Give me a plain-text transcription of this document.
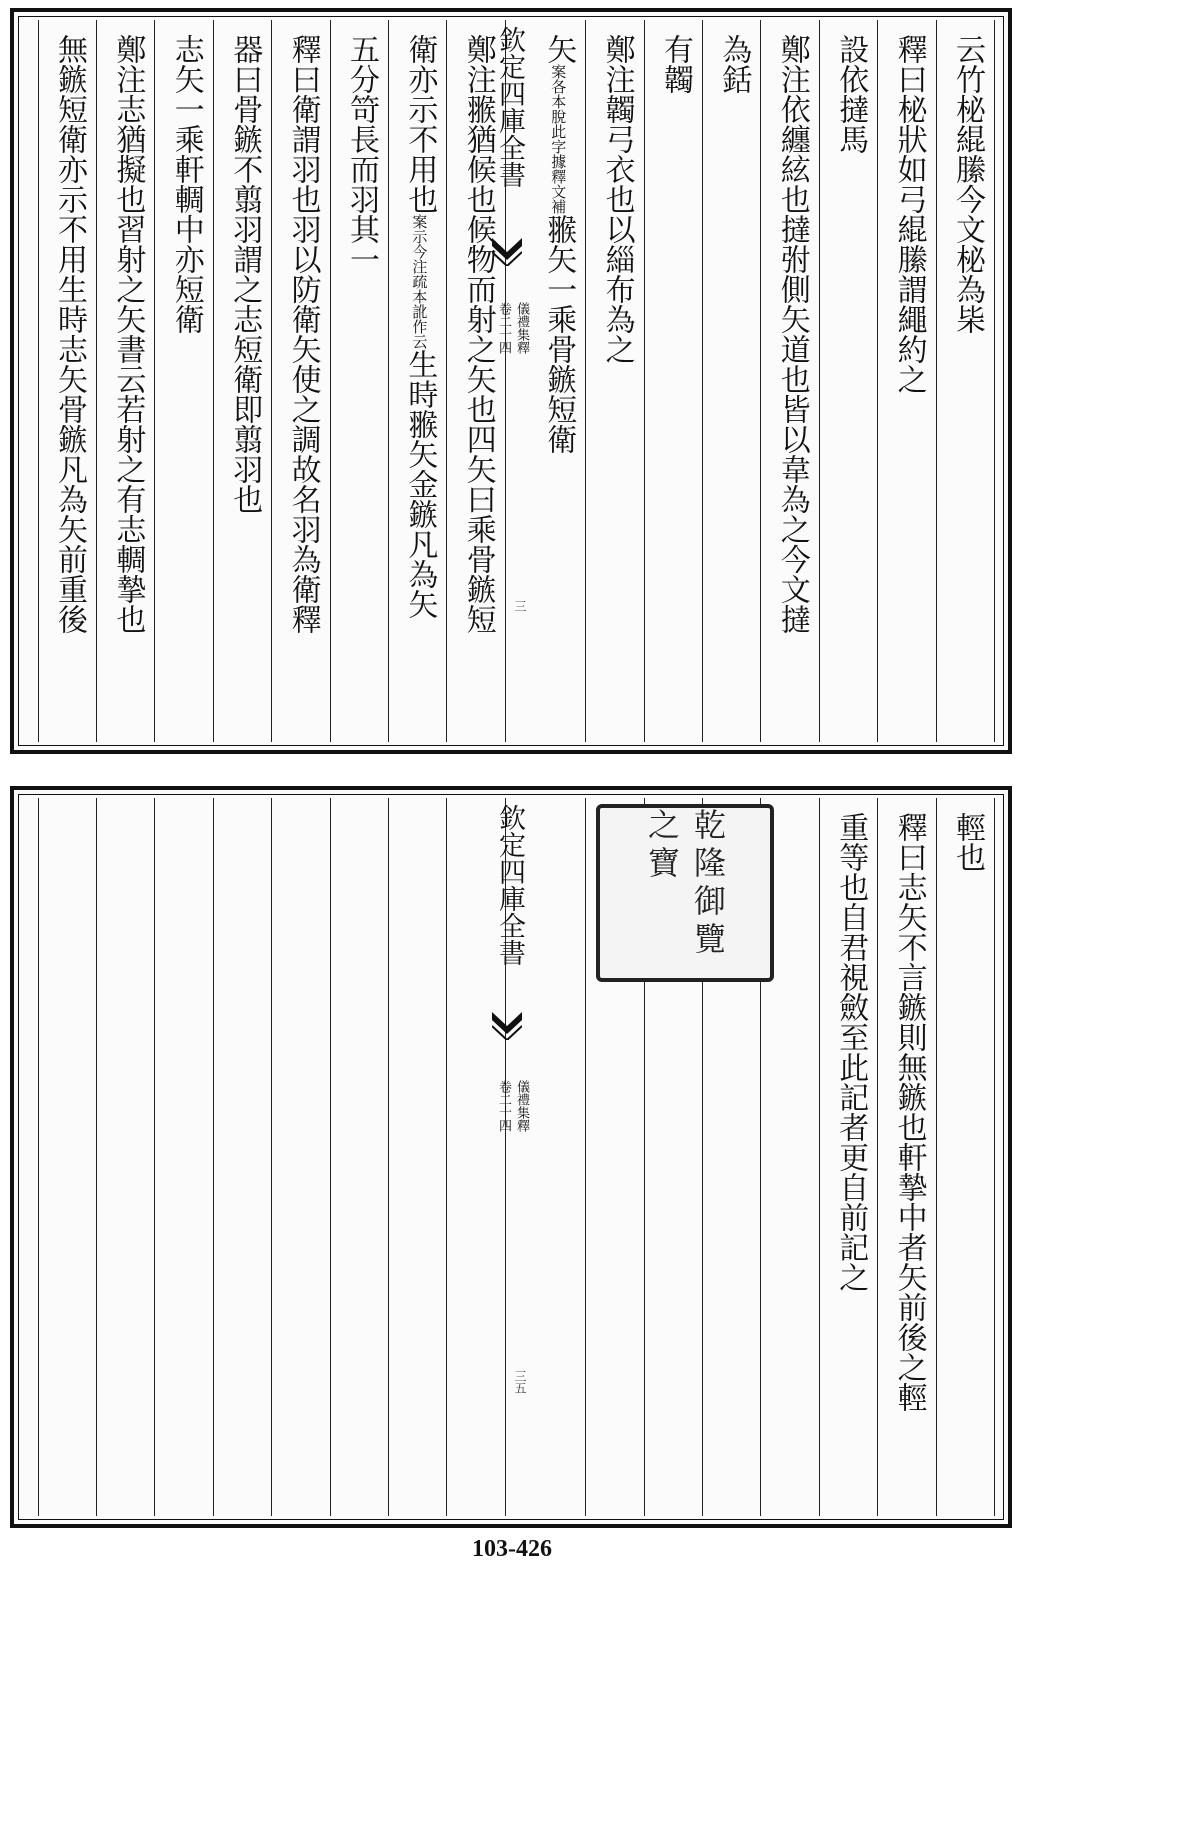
云竹柲緄縢今文柲為枈
釋曰柲狀如弓緄縢謂繩約之
設依撻馬
鄭注依纏絃也撻弣側矢道也皆以韋為之今文撻
為銛
有韣
鄭注韣弓衣也以緇布為之
矢案各本脫此字據釋文補翭矢一乘骨鏃短衛
鄭注翭猶候也候物而射之矢也四矢曰乘骨鏃短
衛亦示不用也案示今注疏本訛作云生時翭矢金鏃凡為矢
五分笴長而羽其一
釋曰衛謂羽也羽以防衛矢使之調故名羽為衛釋
器曰骨鏃不翦羽謂之志短衛即翦羽也
志矢一乘軒輖中亦短衛
鄭注志猶擬也習射之矢書云若射之有志輖摯也
無鏃短衛亦示不用生時志矢骨鏃凡為矢前重後	欽定四庫全書
儀禮集釋
卷二十四
三
輕也
釋曰志矢不言鏃則無鏃也軒摯中者矢前後之輕
重等也自君視斂至此記者更自前記之
欽定四庫全書
儀禮集釋
卷二十四
三五
乾隆御覽之寶
103-426
